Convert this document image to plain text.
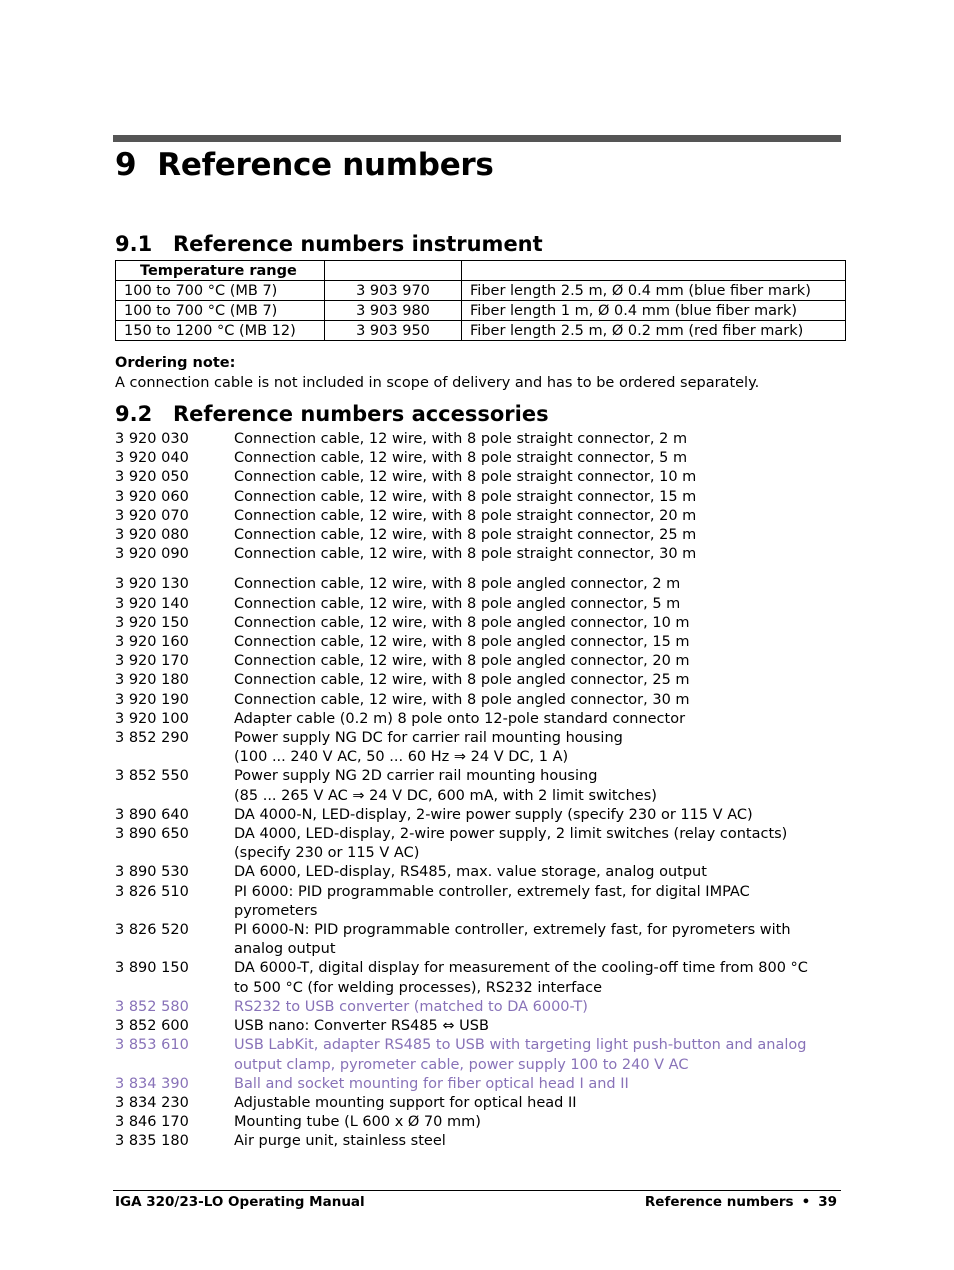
9 Reference numbers
9.1 Reference numbers instrument
Temperature range		
100 to 700 °C (MB 7)	3 903 970	Fiber length 2.5 m, Ø 0.4 mm (blue fiber mark)
100 to 700 °C (MB 7)	3 903 980	Fiber length 1 m, Ø 0.4 mm (blue fiber mark)
150 to 1200 °C (MB 12)	3 903 950	Fiber length 2.5 m, Ø 0.2 mm (red fiber mark)
Ordering note:
A connection cable is not included in scope of delivery and has to be ordered separately.
9.2 Reference numbers accessories
3 920 030	Connection cable, 12 wire, with 8 pole straight connector, 2 m
3 920 040	Connection cable, 12 wire, with 8 pole straight connector, 5 m
3 920 050	Connection cable, 12 wire, with 8 pole straight connector, 10 m
3 920 060	Connection cable, 12 wire, with 8 pole straight connector, 15 m
3 920 070	Connection cable, 12 wire, with 8 pole straight connector, 20 m
3 920 080	Connection cable, 12 wire, with 8 pole straight connector, 25 m
3 920 090	Connection cable, 12 wire, with 8 pole straight connector, 30 m
3 920 130	Connection cable, 12 wire, with 8 pole angled connector, 2 m
3 920 140	Connection cable, 12 wire, with 8 pole angled connector, 5 m
3 920 150	Connection cable, 12 wire, with 8 pole angled connector, 10 m
3 920 160	Connection cable, 12 wire, with 8 pole angled connector, 15 m
3 920 170	Connection cable, 12 wire, with 8 pole angled connector, 20 m
3 920 180	Connection cable, 12 wire, with 8 pole angled connector, 25 m
3 920 190	Connection cable, 12 wire, with 8 pole angled connector, 30 m
3 920 100	Adapter cable (0.2 m) 8 pole onto 12-pole standard connector
3 852 290	Power supply NG DC for carrier rail mounting housing
(100 ... 240 V AC, 50 ... 60 Hz ⇒ 24 V DC, 1 A)
3 852 550	Power supply NG 2D carrier rail mounting housing
(85 ... 265 V AC ⇒ 24 V DC, 600 mA, with 2 limit switches)
3 890 640	DA 4000-N, LED-display, 2-wire power supply (specify 230 or 115 V AC)
3 890 650	DA 4000, LED-display, 2-wire power supply, 2 limit switches (relay contacts)
(specify 230 or 115 V AC)
3 890 530	DA 6000, LED-display, RS485, max. value storage, analog output
3 826 510	PI 6000: PID programmable controller, extremely fast, for digital IMPAC
pyrometers
3 826 520	PI 6000-N: PID programmable controller, extremely fast, for pyrometers with
analog output
3 890 150	DA 6000-T, digital display for measurement of the cooling-off time from 800 °C
to 500 °C (for welding processes), RS232 interface
3 852 580	RS232 to USB converter (matched to DA 6000-T)
3 852 600	USB nano: Converter RS485 ⇔ USB
3 853 610	USB LabKit, adapter RS485 to USB with targeting light push-button and analog
output clamp, pyrometer cable, power supply 100 to 240 V AC
3 834 390	Ball and socket mounting for fiber optical head I and II
3 834 230	Adjustable mounting support for optical head II
3 846 170	Mounting tube (L 600 x Ø 70 mm)
3 835 180	Air purge unit, stainless steel
IGA 320/23-LO Operating Manual	Reference numbers • 39
